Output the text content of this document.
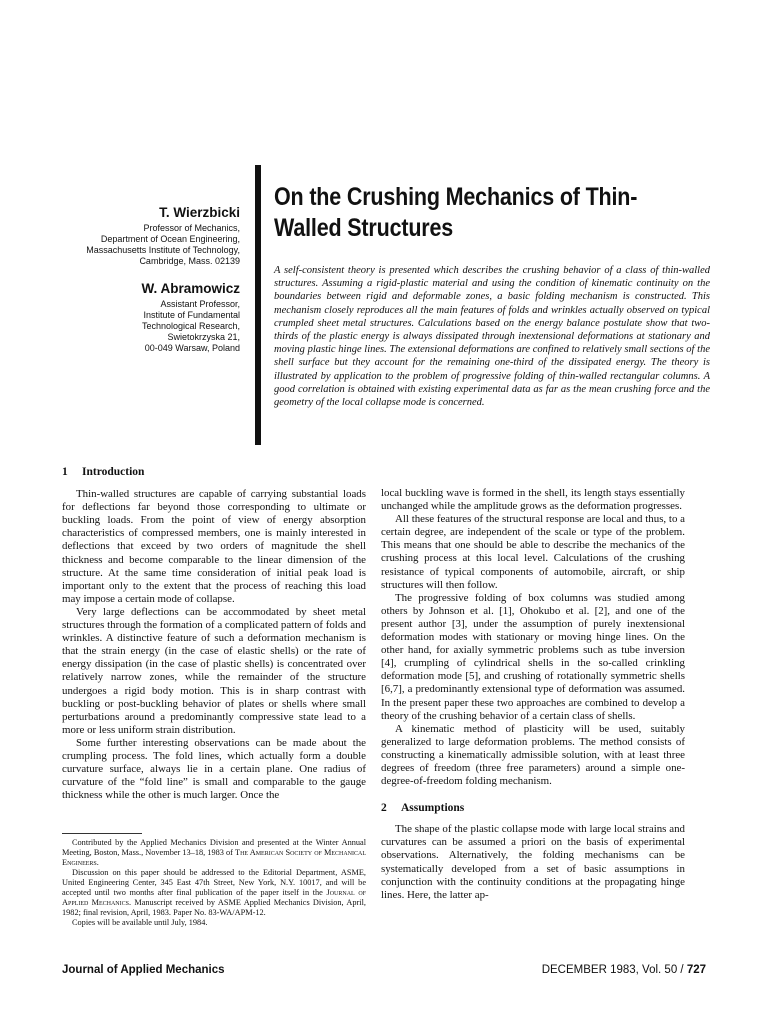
T. Wierzbicki

Professor of Mechanics,
Department of Ocean Engineering,
Massachusetts Institute of Technology,
Cambridge, Mass. 02139

W. Abramowicz

Assistant Professor,
Institute of Fundamental
Technological Research,
Swietokrzyska 21,
00-049 Warsaw, Poland

On the Crushing Mechanics of Thin-Walled Structures

A self-consistent theory is presented which describes the crushing behavior of a class of thin-walled structures. Assuming a rigid-plastic material and using the condition of kinematic continuity on the boundaries between rigid and deformable zones, a basic folding mechanism is constructed. This mechanism closely reproduces all the main features of folds and wrinkles actually observed on typical crumpled sheet metal structures. Calculations based on the energy balance postulate show that two-thirds of the plastic energy is always dissipated through inextensional deformations at stationary and moving plastic hinge lines. The extensional deformations are confined to relatively small sections of the shell surface but they account for the remaining one-third of the dissipated energy. The theory is illustrated by application to the problem of progressive folding of thin-walled rectangular columns. A good correlation is obtained with existing experimental data as far as the mean crushing force and the geometry of the local collapse mode is concerned.

1 Introduction

Thin-walled structures are capable of carrying substantial loads for deflections far beyond those corresponding to ultimate or buckling loads. From the point of view of energy absorption characteristics of compressed members, one is mainly interested in deflections that exceed by two orders of magnitude the shell thickness and become comparable to the linear dimension of the structure. At the same time consideration of initial peak load is important only to the extent that the process of reaching this load may impose a certain mode of collapse.

Very large deflections can be accommodated by sheet metal structures through the formation of a complicated pattern of folds and wrinkles. A distinctive feature of such a deformation mechanism is that the strain energy (in the case of elastic shells) or the rate of energy dissipation (in the case of plastic shells) is concentrated over relatively narrow zones, while the remainder of the structure undergoes a rigid body motion. This is in sharp contrast with buckling or post-buckling behavior of plates or shells where small perturbations around a predominantly compressive state lead to a more or less uniform strain distribution.

Some further interesting observations can be made about the crumpling process. The fold lines, which actually form a double curvature surface, always lie in a certain plane. One radius of curvature of the “fold line” is small and comparable to the gauge thickness while the other is much larger. Once the

local buckling wave is formed in the shell, its length stays essentially unchanged while the amplitude grows as the deformation progresses.

All these features of the structural response are local and thus, to a certain degree, are independent of the scale or type of the problem. This means that one should be able to describe the mechanics of the crushing process at this local level. Calculations of the crushing resistance of typical components of automobile, aircraft, or ship structures will then follow.

The progressive folding of box columns was studied among others by Johnson et al. [1], Ohokubo et al. [2], and one of the present author [3], under the assumption of purely inextensional deformation modes with stationary or moving hinge lines. On the other hand, for axially symmetric problems such as tube inversion [4], crumpling of cylindrical shells in the so-called crinkling deformation mode [5], and crushing of rotationally symmetric shells [6,7], a predominantly extensional type of deformation was assumed. In the present paper these two approaches are combined to develop a theory of the crushing behavior of a certain class of shells.

A kinematic method of plasticity will be used, suitably generalized to large deformation problems. The method consists of constructing a kinematically admissible solution, with at least three degrees of freedom (three free parameters) around a simple one-degree-of-freedom folding mechanism.

2 Assumptions

The shape of the plastic collapse mode with large local strains and curvatures can be assumed a priori on the basis of experimental observations. Alternatively, the folding mechanisms can be systematically developed from a set of basic assumptions in conjunction with the continuity conditions at the propagating hinge lines. Here, the latter ap-

Contributed by the Applied Mechanics Division and presented at the Winter Annual Meeting, Boston, Mass., November 13–18, 1983 of The American Society of Mechanical Engineers.

Discussion on this paper should be addressed to the Editorial Department, ASME, United Engineering Center, 345 East 47th Street, New York, N.Y. 10017, and will be accepted until two months after final publication of the paper itself in the Journal of Applied Mechanics. Manuscript received by ASME Applied Mechanics Division, April, 1982; final revision, April, 1983. Paper No. 83-WA/APM-12.

Copies will be available until July, 1984.

Journal of Applied Mechanics	DECEMBER 1983, Vol. 50 / 727
